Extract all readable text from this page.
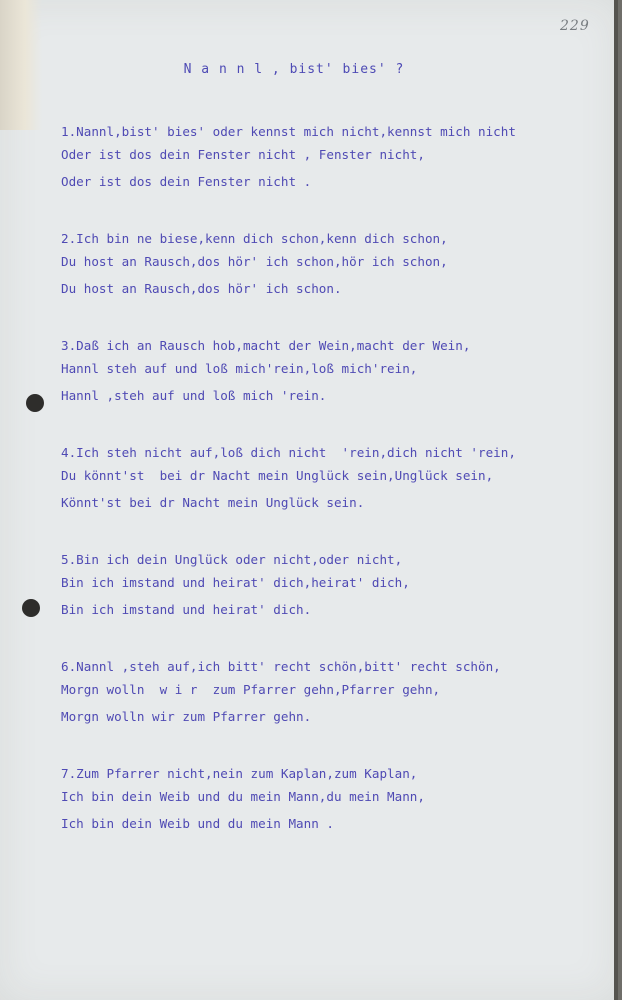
229
N a n n l , bist' bies' ?
1.Nannl,bist' bies' oder kennst mich nicht,kennst mich nicht
Oder ist dos dein Fenster nicht , Fenster nicht,
Oder ist dos dein Fenster nicht .
2.Ich bin ne biese,kenn dich schon,kenn dich schon,
Du host an Rausch,dos hör' ich schon,hör ich schon,
Du host an Rausch,dos hör' ich schon.
3.Daß ich an Rausch hob,macht der Wein,macht der Wein,
Hannl steh auf und loß mich'rein,loß mich'rein,
Hannl ,steh auf und loß mich 'rein.
4.Ich steh nicht auf,loß dich nicht  'rein,dich nicht 'rein,
Du könnt'st  bei dr Nacht mein Unglück sein,Unglück sein,
Könnt'st bei dr Nacht mein Unglück sein.
5.Bin ich dein Unglück oder nicht,oder nicht,
Bin ich imstand und heirat' dich,heirat' dich,
Bin ich imstand und heirat' dich.
6.Nannl ,steh auf,ich bitt' recht schön,bitt' recht schön,
Morgn wolln  w i r  zum Pfarrer gehn,Pfarrer gehn,
Morgn wolln wir zum Pfarrer gehn.
7.Zum Pfarrer nicht,nein zum Kaplan,zum Kaplan,
Ich bin dein Weib und du mein Mann,du mein Mann,
Ich bin dein Weib und du mein Mann .
